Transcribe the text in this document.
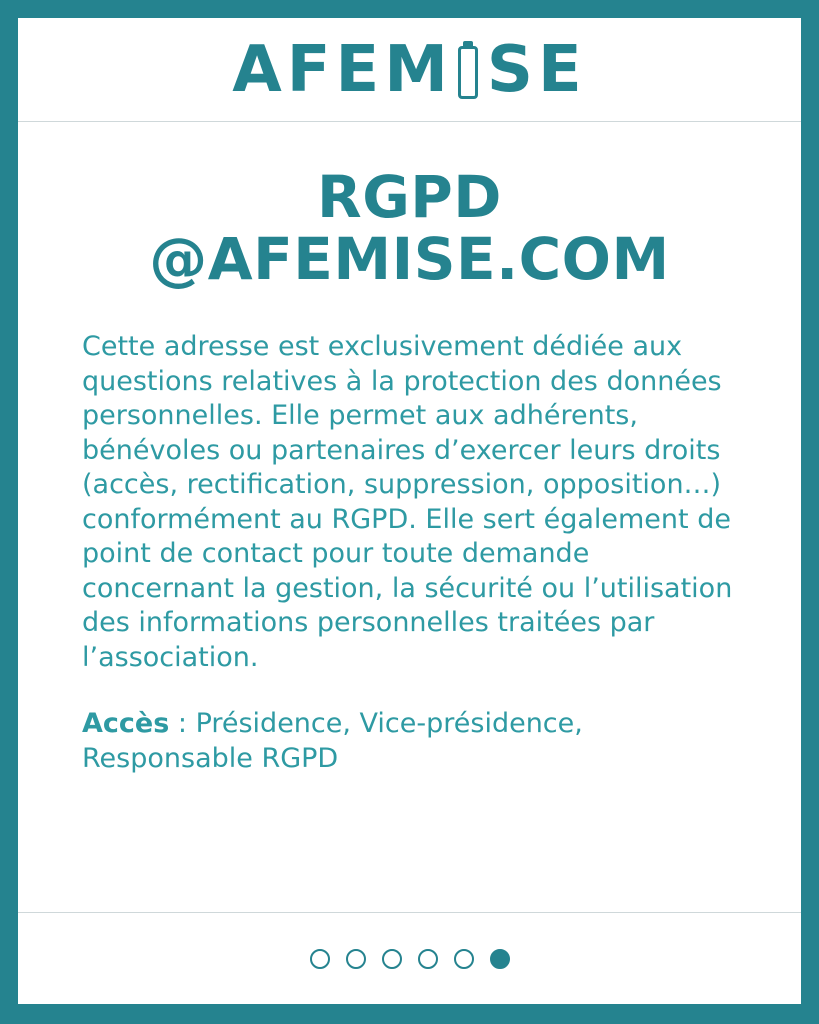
AFEM SE
RGPD
@AFEMISE.COM

Cette adresse est exclusivement dédiée aux questions relatives à la protection des données personnelles. Elle permet aux adhérents, bénévoles ou partenaires d’exercer leurs droits (accès, rectification, suppression, opposition…) conformément au RGPD. Elle sert également de point de contact pour toute demande concernant la gestion, la sécurité ou l’utilisation des informations personnelles traitées par l’association.

Accès : Présidence, Vice-présidence, Responsable RGPD
